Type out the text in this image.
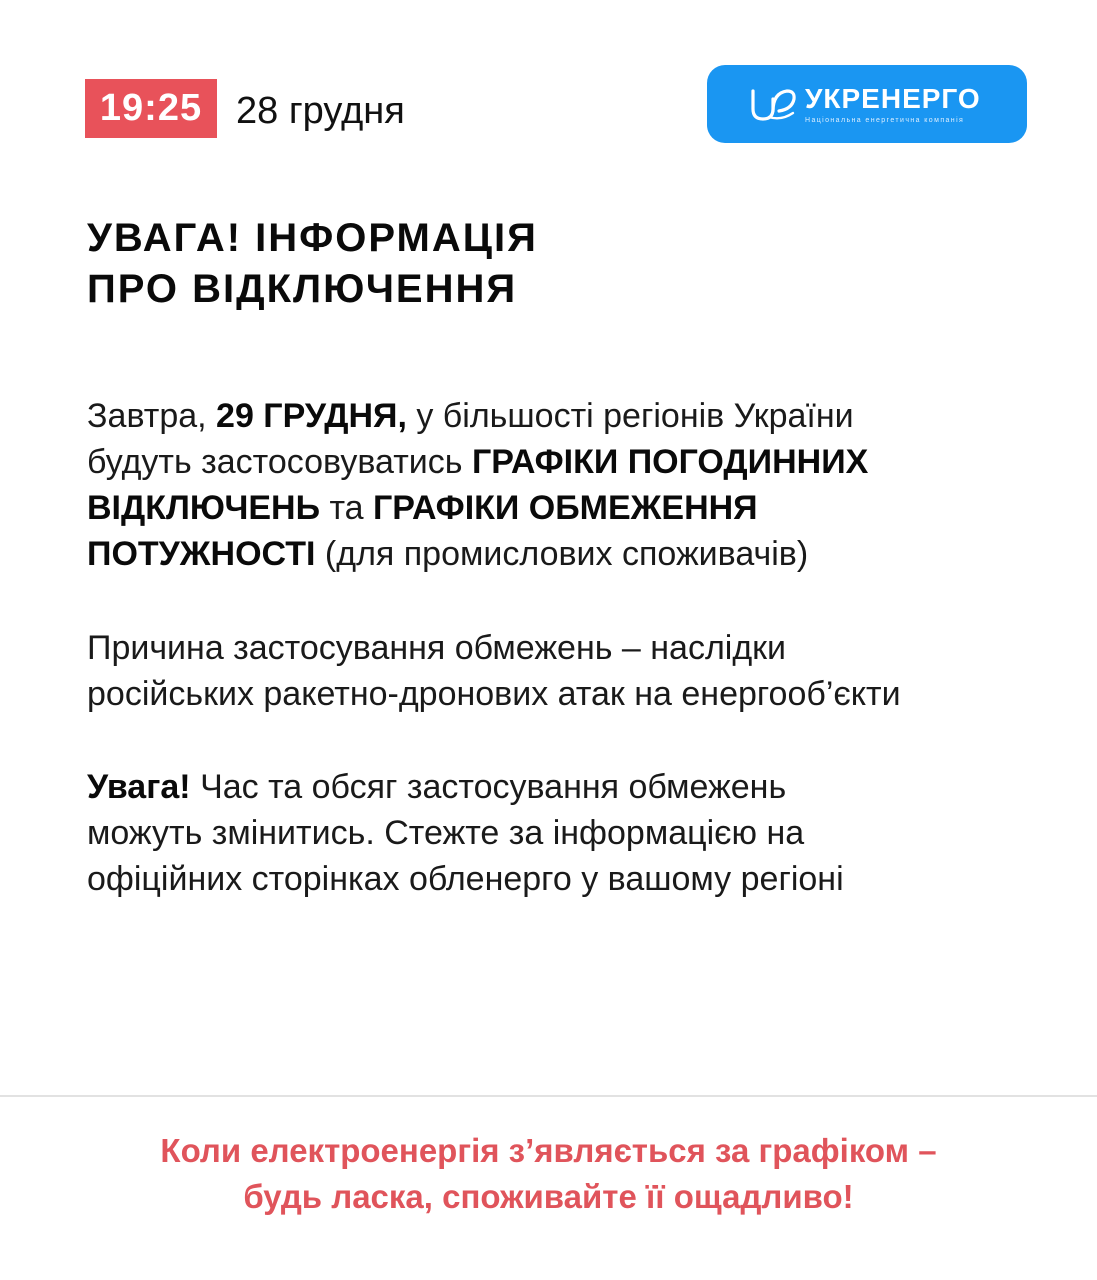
19:25 28 грудня	УКРЕНЕРГО
Національна енергетична компанія
УВАГА! ІНФОРМАЦІЯ
ПРО ВІДКЛЮЧЕННЯ
Завтра, 29 ГРУДНЯ, у більшості регіонів України
будуть застосовуватись ГРАФІКИ ПОГОДИННИХ
ВІДКЛЮЧЕНЬ та ГРАФІКИ ОБМЕЖЕННЯ
ПОТУЖНОСТІ (для промислових споживачів)
Причина застосування обмежень – наслідки
російських ракетно-дронових атак на енергооб’єкти
Увага! Час та обсяг застосування обмежень
можуть змінитись. Стежте за інформацією на
офіційних сторінках обленерго у вашому регіоні
Коли електроенергія з’являється за графіком –
будь ласка, споживайте її ощадливо!
